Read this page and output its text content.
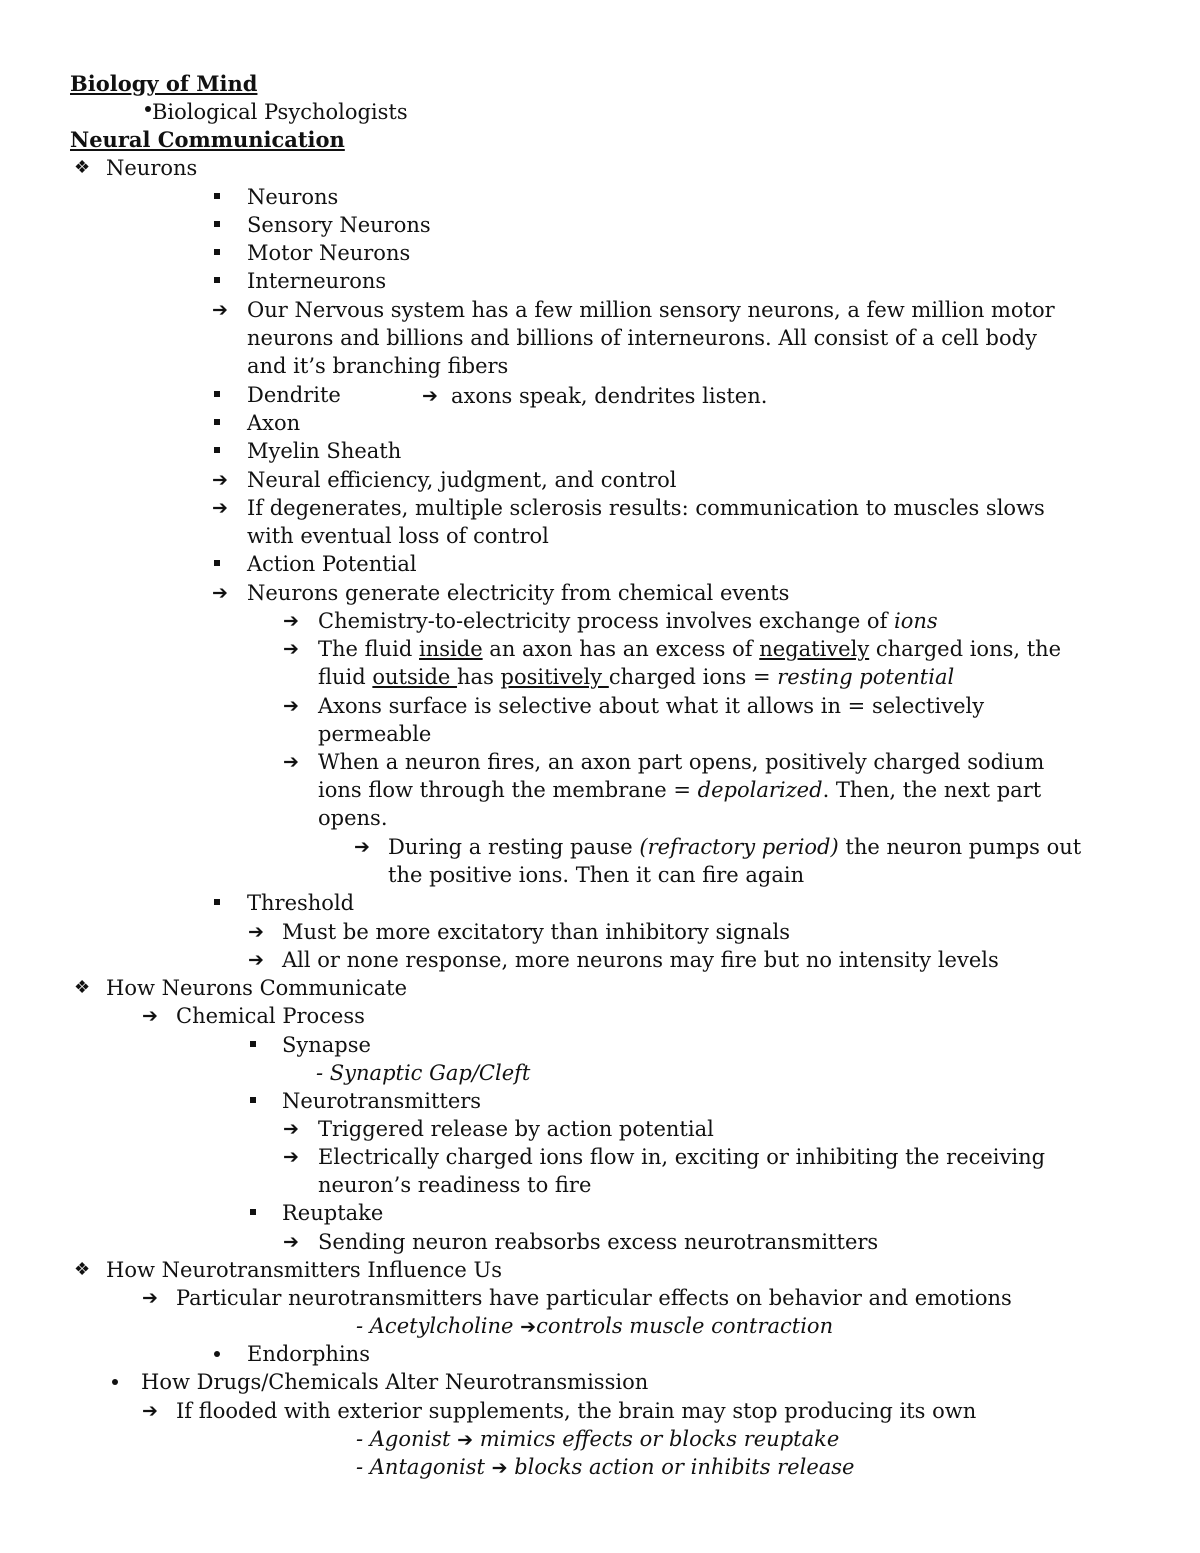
Biology of Mind
Biological Psychologists
Neural Communication
❖ Neurons
Neurons
Sensory Neurons
Motor Neurons
Interneurons
➔ Our Nervous system has a few million sensory neurons, a few million motor
neurons and billions and billions of interneurons. All consist of a cell body
and it’s branching fibers
Dendrite	➔ axons speak, dendrites listen.
Axon
Myelin Sheath
➔ Neural efficiency, judgment, and control
➔ If degenerates, multiple sclerosis results: communication to muscles slows
with eventual loss of control
Action Potential
➔ Neurons generate electricity from chemical events
➔ Chemistry-to-electricity process involves exchange of ions
➔ The fluid inside an axon has an excess of negatively charged ions, the
fluid outside has positively charged ions = resting potential
➔ Axons surface is selective about what it allows in = selectively
permeable
➔ When a neuron fires, an axon part opens, positively charged sodium
ions flow through the membrane = depolarized. Then, the next part
opens.
➔ During a resting pause (refractory period) the neuron pumps out
the positive ions. Then it can fire again
Threshold
➔ Must be more excitatory than inhibitory signals
➔ All or none response, more neurons may fire but no intensity levels
❖ How Neurons Communicate
➔ Chemical Process
Synapse
- Synaptic Gap/Cleft
Neurotransmitters
➔ Triggered release by action potential
➔ Electrically charged ions flow in, exciting or inhibiting the receiving
neuron’s readiness to fire
Reuptake
➔ Sending neuron reabsorbs excess neurotransmitters
❖ How Neurotransmitters Influence Us
➔ Particular neurotransmitters have particular effects on behavior and emotions
- Acetylcholine ➔controls muscle contraction
Endorphins
How Drugs/Chemicals Alter Neurotransmission
➔ If flooded with exterior supplements, the brain may stop producing its own
- Agonist ➔ mimics effects or blocks reuptake
- Antagonist ➔ blocks action or inhibits release
